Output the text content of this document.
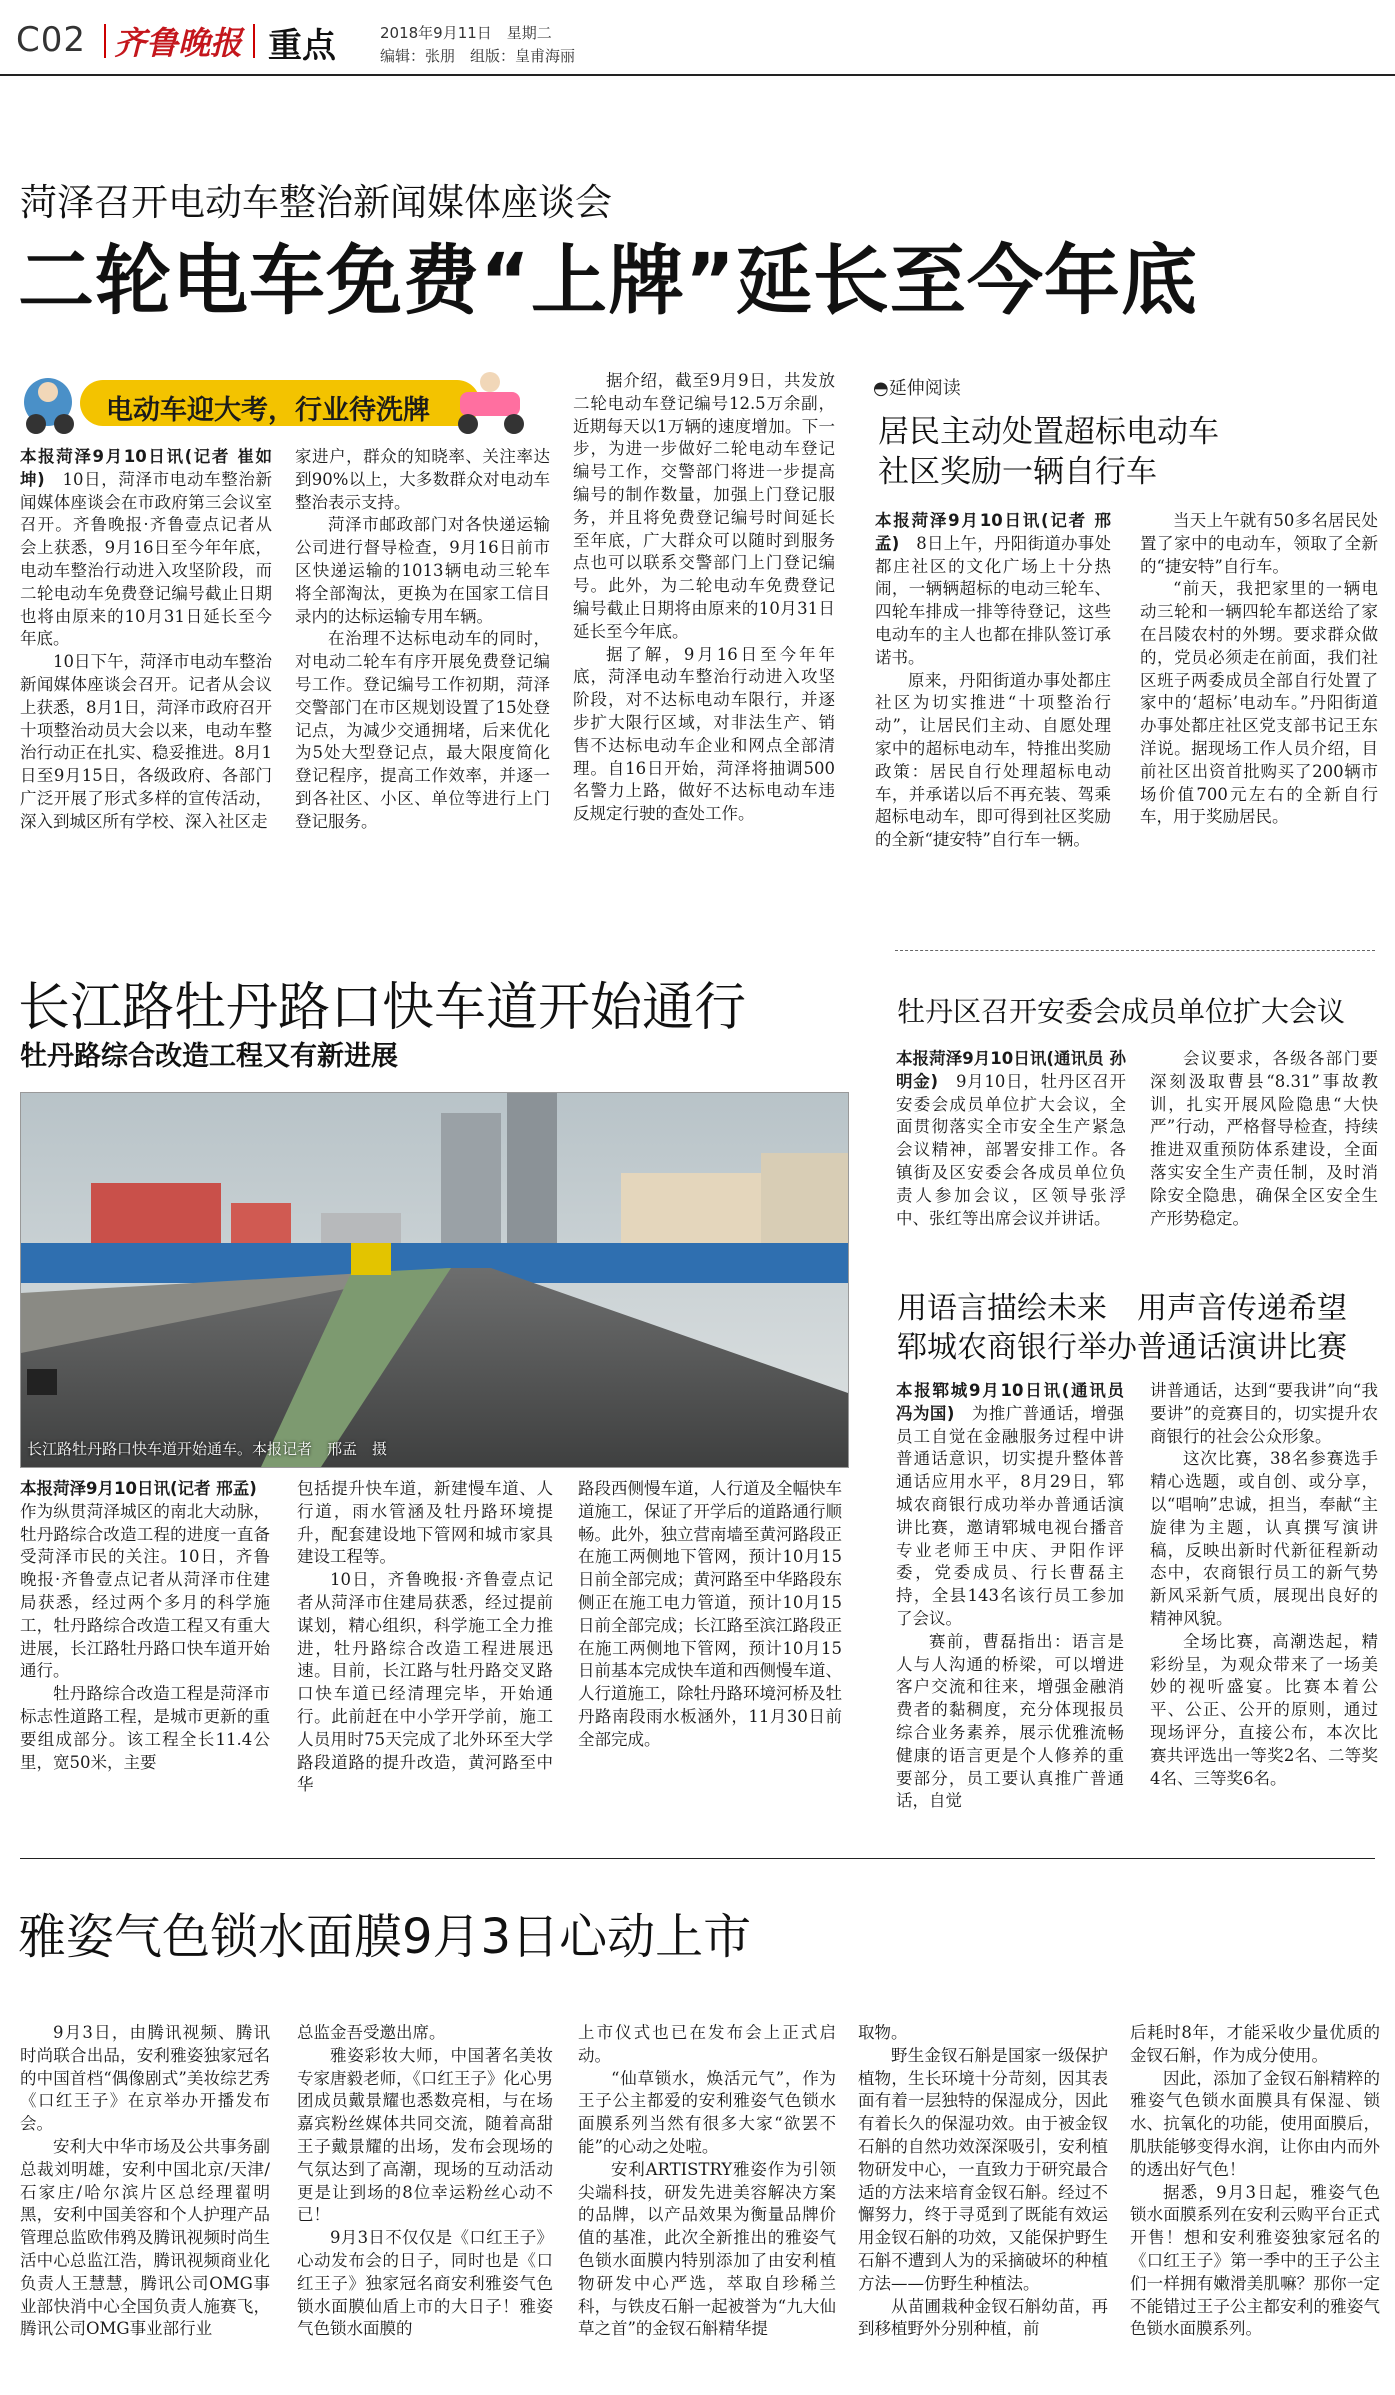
C02 齐鲁晚报 重点	2018年9月11日　星期二
编辑：张朋 组版：皇甫海丽
菏泽召开电动车整治新闻媒体座谈会
二轮电车免费“上牌”延长至今年底
电动车迎大考，行业待洗牌

本报菏泽9月10日讯(记者 崔如坤)　10日，菏泽市电动车整治新闻媒体座谈会在市政府第三会议室召开。齐鲁晚报·齐鲁壹点记者从会上获悉，9月16日至今年年底，电动车整治行动进入攻坚阶段，而二轮电动车免费登记编号截止日期也将由原来的10月31日延长至今年底。

10日下午，菏泽市电动车整治新闻媒体座谈会召开。记者从会议上获悉，8月1日，菏泽市政府召开十项整治动员大会以来，电动车整治行动正在扎实、稳妥推进。8月1日至9月15日，各级政府、各部门广泛开展了形式多样的宣传活动，深入到城区所有学校、深入社区走

家进户，群众的知晓率、关注率达到90%以上，大多数群众对电动车整治表示支持。

菏泽市邮政部门对各快递运输公司进行督导检查，9月16日前市区快递运输的1013辆电动三轮车将全部淘汰，更换为在国家工信目录内的达标运输专用车辆。

在治理不达标电动车的同时，对电动二轮车有序开展免费登记编号工作。登记编号工作初期，菏泽交警部门在市区规划设置了15处登记点，为减少交通拥堵，后来优化为5处大型登记点，最大限度简化登记程序，提高工作效率，并逐一到各社区、小区、单位等进行上门登记服务。

据介绍，截至9月9日，共发放二轮电动车登记编号12.5万余副，近期每天以1万辆的速度增加。下一步，为进一步做好二轮电动车登记编号工作，交警部门将进一步提高编号的制作数量，加强上门登记服务，并且将免费登记编号时间延长至年底，广大群众可以随时到服务点也可以联系交警部门上门登记编号。此外，为二轮电动车免费登记编号截止日期将由原来的10月31日延长至今年底。

据了解，9月16日至今年年底，菏泽电动车整治行动进入攻坚阶段，对不达标电动车限行，并逐步扩大限行区域，对非法生产、销售不达标电动车企业和网点全部清理。自16日开始，菏泽将抽调500名警力上路，做好不达标电动车违反规定行驶的查处工作。

◓延伸阅读
居民主动处置超标电动车
社区奖励一辆自行车

本报菏泽9月10日讯(记者 邢孟)　8日上午，丹阳街道办事处都庄社区的文化广场上十分热闹，一辆辆超标的电动三轮车、四轮车排成一排等待登记，这些电动车的主人也都在排队签订承诺书。

原来，丹阳街道办事处都庄社区为切实推进“十项整治行动”，让居民们主动、自愿处理家中的超标电动车，特推出奖励政策：居民自行处理超标电动车，并承诺以后不再充装、驾乘超标电动车，即可得到社区奖励的全新“捷安特”自行车一辆。

当天上午就有50多名居民处置了家中的电动车，领取了全新的“捷安特”自行车。

“前天，我把家里的一辆电动三轮和一辆四轮车都送给了家在吕陵农村的外甥。要求群众做的，党员必须走在前面，我们社区班子两委成员全部自行处置了家中的‘超标’电动车。”丹阳街道办事处都庄社区党支部书记王东洋说。据现场工作人员介绍，目前社区出资首批购买了200辆市场价值700元左右的全新自行车，用于奖励居民。

长江路牡丹路口快车道开始通行
牡丹路综合改造工程又有新进展
长江路牡丹路口快车道开始通车。本报记者　邢孟　摄

本报菏泽9月10日讯(记者 邢孟)　作为纵贯菏泽城区的南北大动脉，牡丹路综合改造工程的进度一直备受菏泽市民的关注。10日，齐鲁晚报·齐鲁壹点记者从菏泽市住建局获悉，经过两个多月的科学施工，牡丹路综合改造工程又有重大进展，长江路牡丹路口快车道开始通行。

牡丹路综合改造工程是菏泽市标志性道路工程，是城市更新的重要组成部分。该工程全长11.4公里，宽50米，主要

包括提升快车道，新建慢车道、人行道，雨水管涵及牡丹路环境提升，配套建设地下管网和城市家具建设工程等。

10日，齐鲁晚报·齐鲁壹点记者从菏泽市住建局获悉，经过提前谋划，精心组织，科学施工全力推进，牡丹路综合改造工程进展迅速。目前，长江路与牡丹路交叉路口快车道已经清理完毕，开始通行。此前赶在中小学开学前，施工人员用时75天完成了北外环至大学路段道路的提升改造，黄河路至中华

路段西侧慢车道，人行道及全幅快车道施工，保证了开学后的道路通行顺畅。此外，独立营南墙至黄河路段正在施工两侧地下管网，预计10月15日前全部完成；黄河路至中华路段东侧正在施工电力管道，预计10月15日前全部完成；长江路至滨江路段正在施工两侧地下管网，预计10月15日前基本完成快车道和西侧慢车道、人行道施工，除牡丹路环境河桥及牡丹路南段雨水板涵外，11月30日前全部完成。

牡丹区召开安委会成员单位扩大会议

本报菏泽9月10日讯(通讯员 孙明金)　9月10日，牡丹区召开安委会成员单位扩大会议，全面贯彻落实全市安全生产紧急会议精神，部署安排工作。各镇街及区安委会各成员单位负责人参加会议，区领导张浮中、张红等出席会议并讲话。

会议要求，各级各部门要深刻汲取曹县“8.31”事故教训，扎实开展风险隐患“大快严”行动，严格督导检查，持续推进双重预防体系建设，全面落实安全生产责任制，及时消除安全隐患，确保全区安全生产形势稳定。

用语言描绘未来　用声音传递希望
郓城农商银行举办普通话演讲比赛

本报郓城9月10日讯(通讯员 冯为国)　为推广普通话，增强员工自觉在金融服务过程中讲普通话意识，切实提升整体普通话应用水平，8月29日，郓城农商银行成功举办普通话演讲比赛，邀请郓城电视台播音专业老师王中庆、尹阳作评委，党委成员、行长曹磊主持，全县143名该行员工参加了会议。

赛前，曹磊指出：语言是人与人沟通的桥梁，可以增进客户交流和往来，增强金融消费者的黏稠度，充分体现报员综合业务素养，展示优雅流畅健康的语言更是个人修养的重要部分，员工要认真推广普通话，自觉

讲普通话，达到“要我讲”向“我要讲”的竞赛目的，切实提升农商银行的社会公众形象。

这次比赛，38名参赛选手精心选题，或自创、或分享，以“唱响”忠诚，担当，奉献“主旋律为主题，认真撰写演讲稿，反映出新时代新征程新动态中，农商银行员工的新气势新风采新气质，展现出良好的精神风貌。

全场比赛，高潮迭起，精彩纷呈，为观众带来了一场美妙的视听盛宴。比赛本着公平、公正、公开的原则，通过现场评分，直接公布，本次比赛共评选出一等奖2名、二等奖4名、三等奖6名。

雅姿气色锁水面膜9月3日心动上市

9月3日，由腾讯视频、腾讯时尚联合出品，安利雅姿独家冠名的中国首档“偶像剧式”美妆综艺秀《口红王子》在京举办开播发布会。

安利大中华市场及公共事务副总裁刘明雄，安利中国北京/天津/石家庄/哈尔滨片区总经理翟明黑，安利中国美容和个人护理产品管理总监欧伟鸦及腾讯视频时尚生活中心总监江浩，腾讯视频商业化负责人王慧慧，腾讯公司OMG事业部快消中心全国负责人施赛飞，腾讯公司OMG事业部行业

总监金吾受邀出席。

雅姿彩妆大师，中国著名美妆专家唐毅老师，《口红王子》化心男团成员戴景耀也悉数亮相，与在场嘉宾粉丝媒体共同交流，随着高甜王子戴景耀的出场，发布会现场的气氛达到了高潮，现场的互动活动更是让到场的8位幸运粉丝心动不已！

9月3日不仅仅是《口红王子》心动发布会的日子，同时也是《口红王子》独家冠名商安利雅姿气色锁水面膜仙盾上市的大日子！雅姿气色锁水面膜的

上市仪式也已在发布会上正式启动。

“仙草锁水，焕活元气”，作为王子公主都爱的安利雅姿气色锁水面膜系列当然有很多大家“欲罢不能”的心动之处啦。

安利ARTISTRY雅姿作为引领尖端科技，研发先进美容解决方案的品牌，以产品效果为衡量品牌价值的基准，此次全新推出的雅姿气色锁水面膜内特别添加了由安利植物研发中心严选，萃取自珍稀兰科，与铁皮石斛一起被誉为“九大仙草之首”的金钗石斛精华提

取物。

野生金钗石斛是国家一级保护植物，生长环境十分苛刻，因其表面有着一层独特的保湿成分，因此有着长久的保湿功效。由于被金钗石斛的自然功效深深吸引，安利植物研发中心，一直致力于研究最合适的方法来培育金钗石斛。经过不懈努力，终于寻觅到了既能有效运用金钗石斛的功效，又能保护野生石斛不遭到人为的采摘破坏的种植方法——仿野生种植法。

从苗圃栽种金钗石斛幼苗，再到移植野外分别种植，前

后耗时8年，才能采收少量优质的金钗石斛，作为成分使用。

因此，添加了金钗石斛精粹的雅姿气色锁水面膜具有保湿、锁水、抗氧化的功能，使用面膜后，肌肤能够变得水润，让你由内而外的透出好气色！

据悉，9月3日起，雅姿气色锁水面膜系列在安利云购平台正式开售！想和安利雅姿独家冠名的《口红王子》第一季中的王子公主们一样拥有嫩滑美肌嘛？那你一定不能错过王子公主都安利的雅姿气色锁水面膜系列。
